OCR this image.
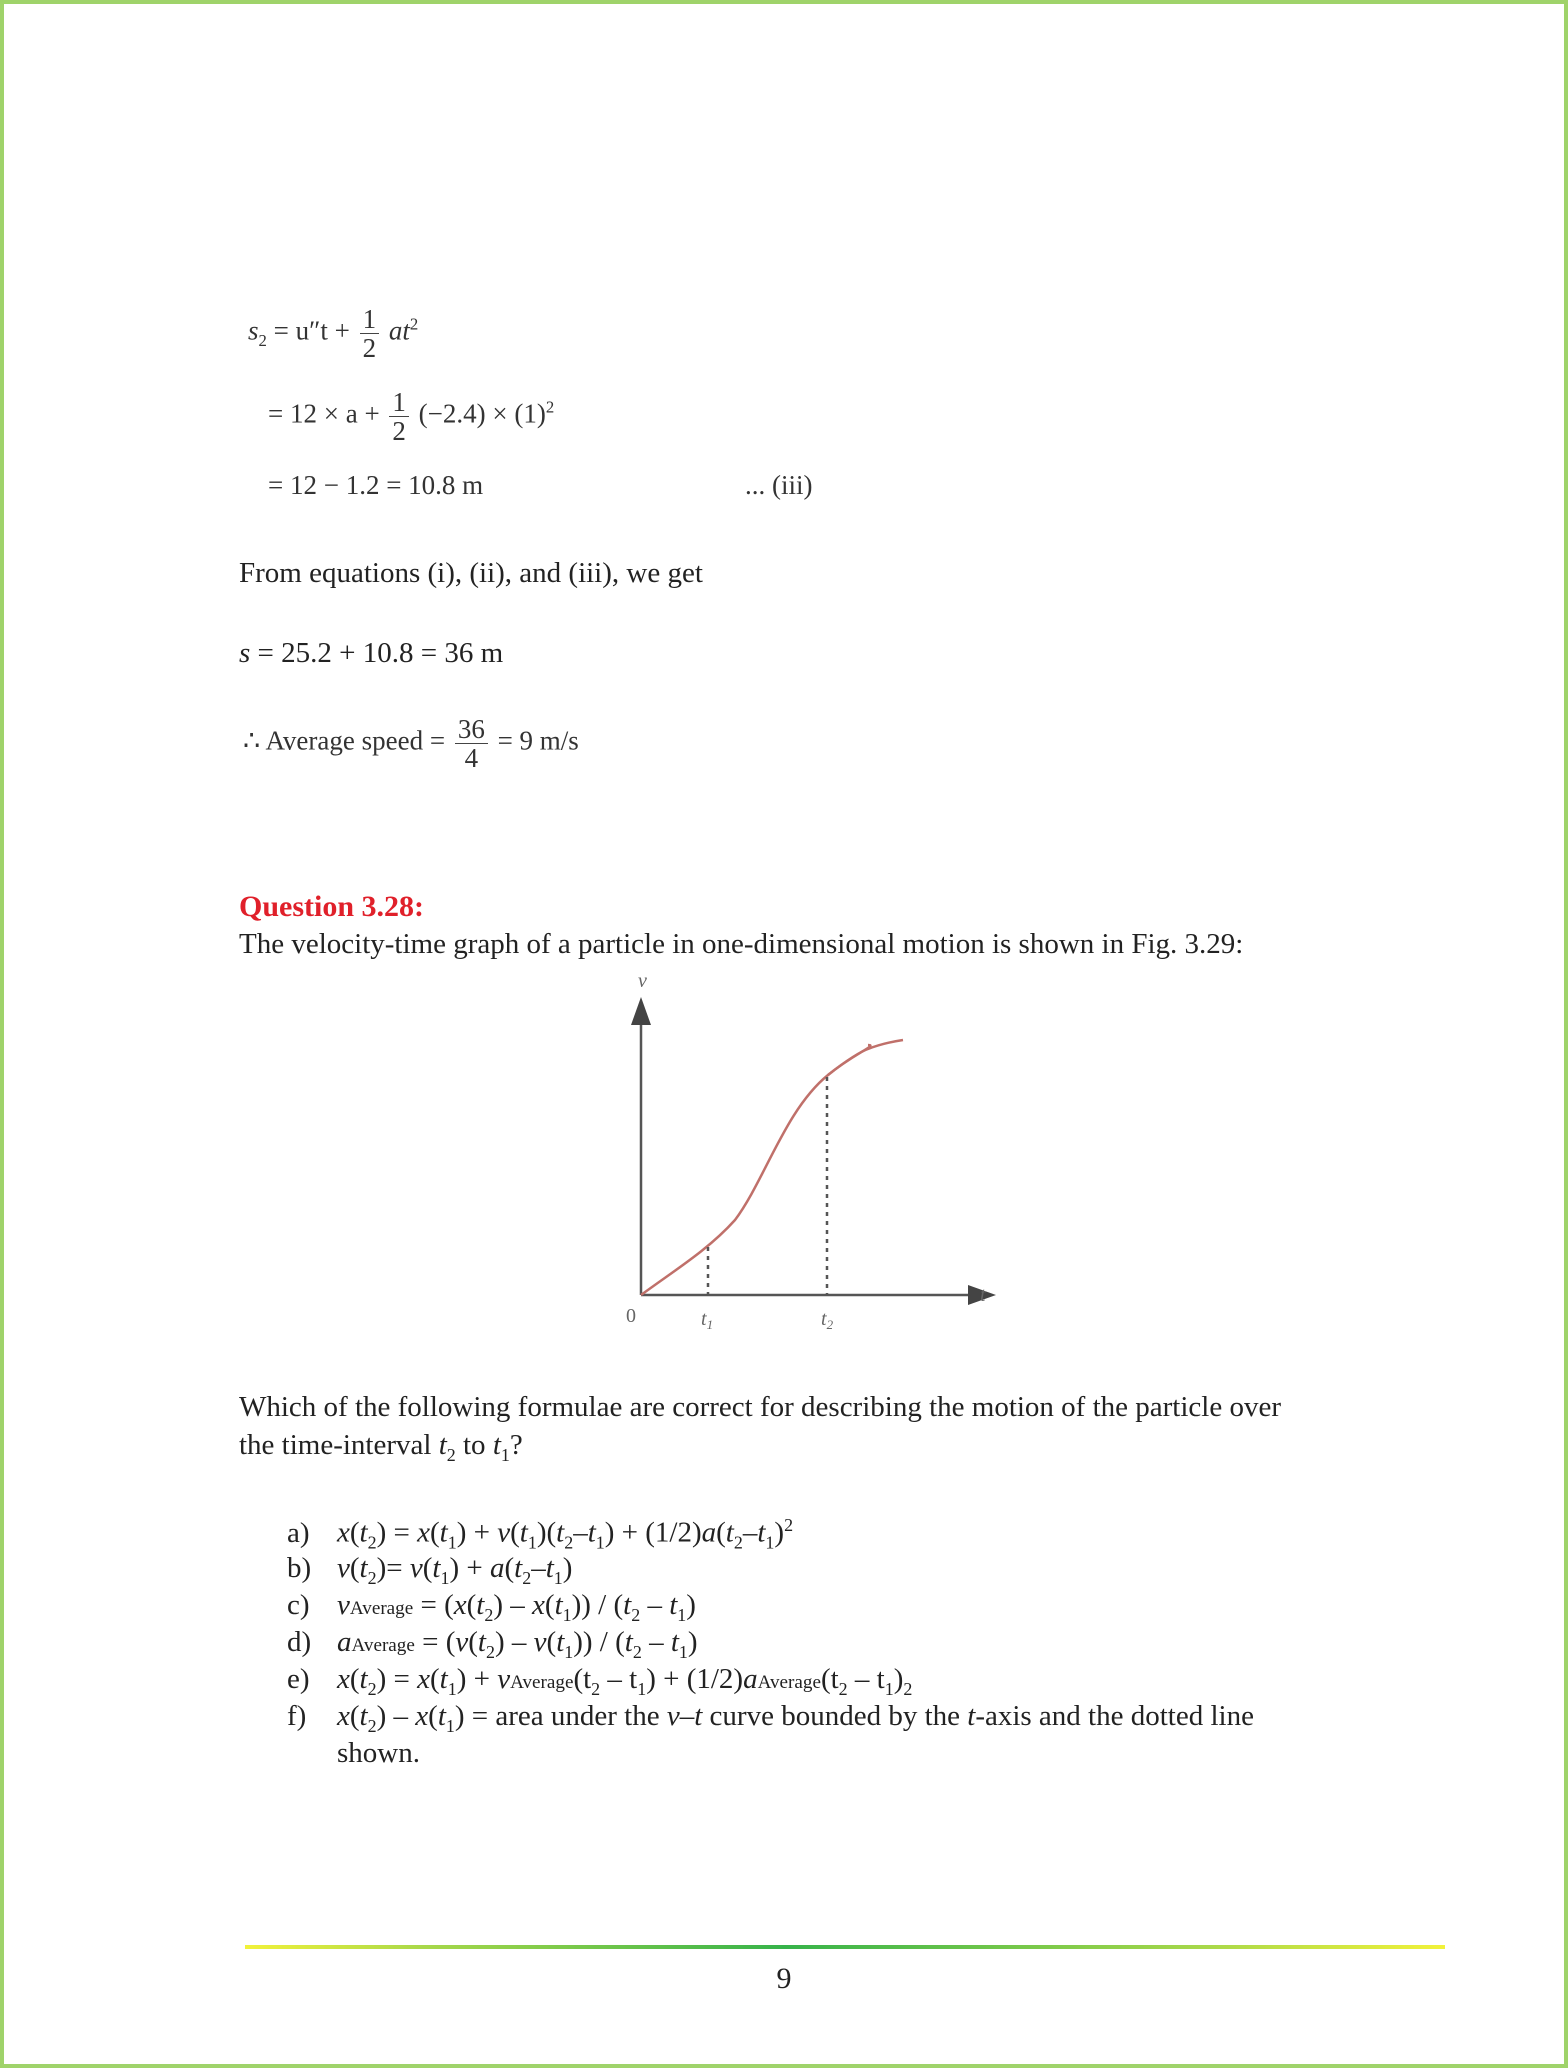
$s_2 = u''t + \frac{1}{2} at^2$
= $12 \times a + \frac{1}{2} (-2.4) \times (1)^2$
= 12 − 1.2 = 10.8 m	... (iii)
From equations (i), (ii), and (iii), we get
s = 25.2 + 10.8 = 36 m
∴ Average speed = $\frac{36}{4} = 9$ m/s
Question 3.28:
The velocity-time graph of a particle in one-dimensional motion is shown in Fig. 3.29:
v
t
0	$t_1$	$t_2$
Which of the following formulae are correct for describing the motion of the particle over
the time-interval $t_2$ to $t_1$?
a) $x(t_2) = x(t_1) + v(t_1)(t_2-t_1) + (1/2)a(t_2-t_1)^2$
b) $v(t_2)= v(t_1) + a(t_2-t_1)$
c) vAverage = $(x(t_2) - x(t_1)) / (t_2 - t_1)$
d) aAverage = $(v(t_2) - v(t_1)) / (t_2 - t_1)$
e) $x(t_2) = x(t_1)$ + $vAverage(t_2 - t_1)$ + $(1/2)aAverage(t_2 - t_1)_2$
f) $x(t_2) - x(t_1)$ = area under the v–t curve bounded by the t-axis and the dotted line
shown.
9
